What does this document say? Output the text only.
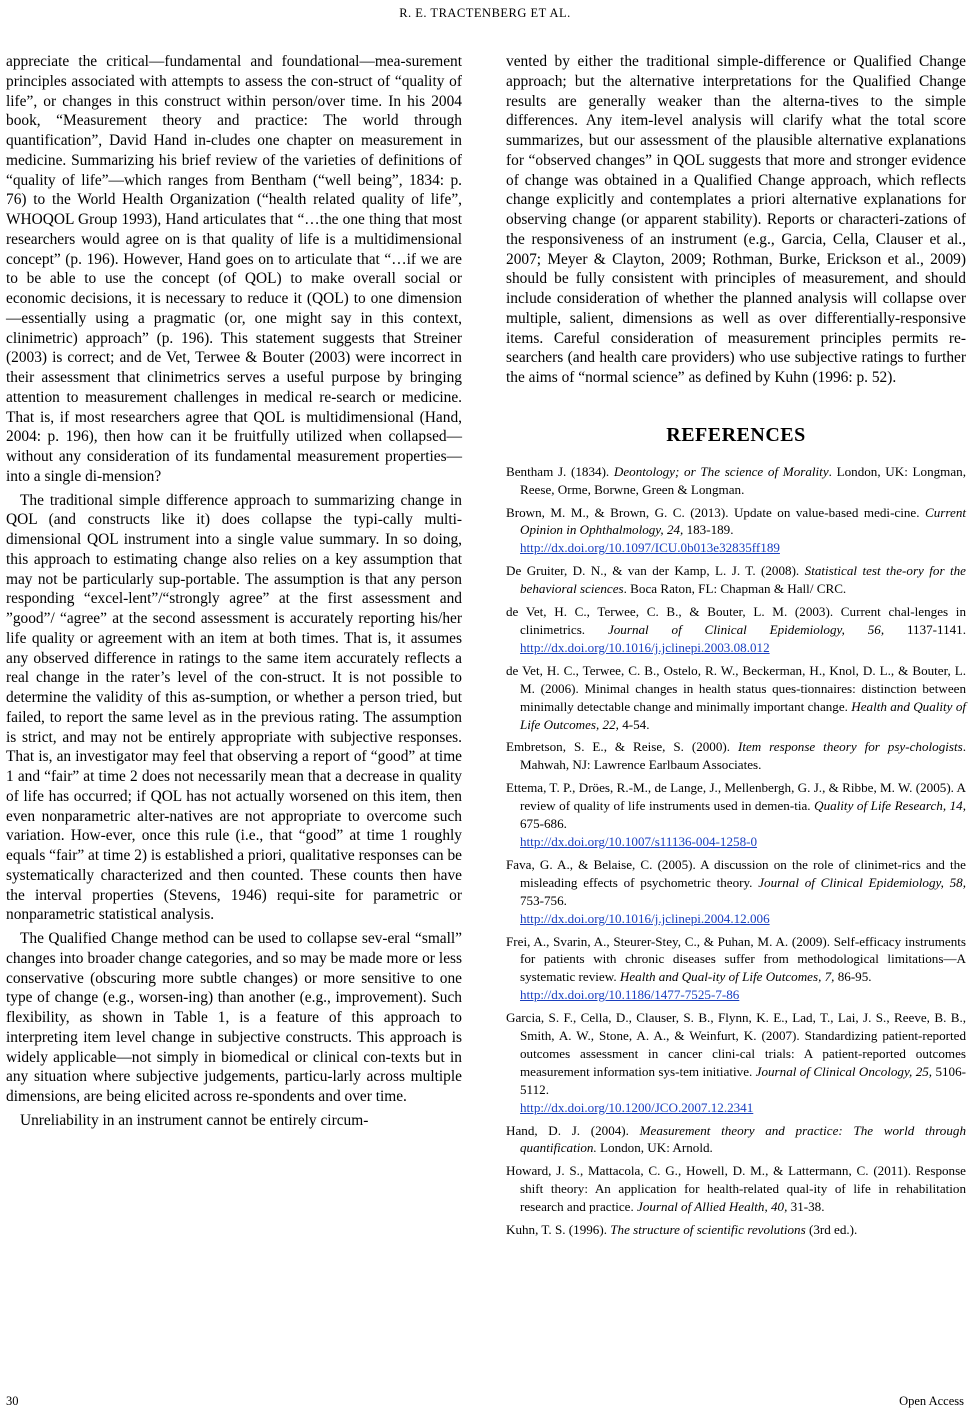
R. E. TRACTENBERG ET AL.

appreciate the critical—fundamental and foundational—mea-surement principles associated with attempts to assess the con-struct of “quality of life”, or changes in this construct within person/over time. In his 2004 book, “Measurement theory and practice: The world through quantification”, David Hand in-cludes one chapter on measurement in medicine. Summarizing his brief review of the varieties of definitions of “quality of life”—which ranges from Bentham (“well being”, 1834: p. 76) to the World Health Organization (“health related quality of life”, WHOQOL Group 1993), Hand articulates that “…the one thing that most researchers would agree on is that quality of life is a multidimensional concept” (p. 196). However, Hand goes on to articulate that “…if we are to be able to use the concept (of QOL) to make overall social or economic decisions, it is necessary to reduce it (QOL) to one dimension—essentially using a pragmatic (or, one might say in this context, clinimetric) approach” (p. 196). This statement suggests that Streiner (2003) is correct; and de Vet, Terwee & Bouter (2003) were incorrect in their assessment that clinimetrics serves a useful purpose by bringing attention to measurement challenges in medical re-search or medicine. That is, if most researchers agree that QOL is multidimensional (Hand, 2004: p. 196), then how can it be fruitfully utilized when collapsed—without any consideration of its fundamental measurement properties—into a single di-mension?

The traditional simple difference approach to summarizing change in QOL (and constructs like it) does collapse the typi-cally multi-dimensional QOL instrument into a single value summary. In so doing, this approach to estimating change also relies on a key assumption that may not be particularly sup-portable. The assumption is that any person responding “excel-lent”/“strongly agree” at the first assessment and ”good”/ “agree” at the second assessment is accurately reporting his/her life quality or agreement with an item at both times. That is, it assumes any observed difference in ratings to the same item accurately reflects a real change in the rater’s level of the con-struct. It is not possible to determine the validity of this as-sumption, or whether a person tried, but failed, to report the same level as in the previous rating. The assumption is strict, and may not be entirely appropriate with subjective responses. That is, an investigator may feel that observing a report of “good” at time 1 and “fair” at time 2 does not necessarily mean that a decrease in quality of life has occurred; if QOL has not actually worsened on this item, then even nonparametric alter-natives are not appropriate to overcome such variation. How-ever, once this rule (i.e., that “good” at time 1 roughly equals “fair” at time 2) is established a priori, qualitative responses can be systematically characterized and then counted. These counts then have the interval properties (Stevens, 1946) requi-site for parametric or nonparametric statistical analysis.

The Qualified Change method can be used to collapse sev-eral “small” changes into broader change categories, and so may be made more or less conservative (obscuring more subtle changes) or more sensitive to one type of change (e.g., worsen-ing) than another (e.g., improvement). Such flexibility, as shown in Table 1, is a feature of this approach to interpreting item level change in subjective constructs. This approach is widely applicable—not simply in biomedical or clinical con-texts but in any situation where subjective judgements, particu-larly across multiple dimensions, are being elicited across re-spondents and over time.

Unreliability in an instrument cannot be entirely circum-

vented by either the traditional simple-difference or Qualified Change approach; but the alternative interpretations for the Qualified Change results are generally weaker than the alterna-tives to the simple differences. Any item-level analysis will clarify what the total score summarizes, but our assessment of the plausible alternative explanations for “observed changes” in QOL suggests that more and stronger evidence of change was obtained in a Qualified Change approach, which reflects change explicitly and contemplates a priori alternative explanations for observing change (or apparent stability). Reports or characteri-zations of the responsiveness of an instrument (e.g., Garcia, Cella, Clauser et al., 2007; Meyer & Clayton, 2009; Rothman, Burke, Erickson et al., 2009) should be fully consistent with principles of measurement, and should include consideration of whether the planned analysis will collapse over multiple, salient, dimensions as well as over differentially-responsive items. Careful consideration of measurement principles permits re-searchers (and health care providers) who use subjective ratings to further the aims of “normal science” as defined by Kuhn (1996: p. 52).

REFERENCES

Bentham J. (1834). Deontology; or The science of Morality. London, UK: Longman, Reese, Orme, Borwne, Green & Longman.

Brown, M. M., & Brown, G. C. (2013). Update on value-based medi-cine. Current Opinion in Ophthalmology, 24, 183-189.
http://dx.doi.org/10.1097/ICU.0b013e32835ff189

De Gruiter, D. N., & van der Kamp, L. J. T. (2008). Statistical test the-ory for the behavioral sciences. Boca Raton, FL: Chapman & Hall/ CRC.

de Vet, H. C., Terwee, C. B., & Bouter, L. M. (2003). Current chal-lenges in clinimetrics. Journal of Clinical Epidemiology, 56, 1137-1141. http://dx.doi.org/10.1016/j.jclinepi.2003.08.012

de Vet, H. C., Terwee, C. B., Ostelo, R. W., Beckerman, H., Knol, D. L., & Bouter, L. M. (2006). Minimal changes in health status ques-tionnaires: distinction between minimally detectable change and minimally important change. Health and Quality of Life Outcomes, 22, 4-54.

Embretson, S. E., & Reise, S. (2000). Item response theory for psy-chologists. Mahwah, NJ: Lawrence Earlbaum Associates.

Ettema, T. P., Dröes, R.-M., de Lange, J., Mellenbergh, G. J., & Ribbe, M. W. (2005). A review of quality of life instruments used in demen-tia. Quality of Life Research, 14, 675-686.
http://dx.doi.org/10.1007/s11136-004-1258-0

Fava, G. A., & Belaise, C. (2005). A discussion on the role of clinimet-rics and the misleading effects of psychometric theory. Journal of Clinical Epidemiology, 58, 753-756.
http://dx.doi.org/10.1016/j.jclinepi.2004.12.006

Frei, A., Svarin, A., Steurer-Stey, C., & Puhan, M. A. (2009). Self-efficacy instruments for patients with chronic diseases suffer from methodological limitations—A systematic review. Health and Qual-ity of Life Outcomes, 7, 86-95.
http://dx.doi.org/10.1186/1477-7525-7-86

Garcia, S. F., Cella, D., Clauser, S. B., Flynn, K. E., Lad, T., Lai, J. S., Reeve, B. B., Smith, A. W., Stone, A. A., & Weinfurt, K. (2007). Standardizing patient-reported outcomes assessment in cancer clini-cal trials: A patient-reported outcomes measurement information sys-tem initiative. Journal of Clinical Oncology, 25, 5106-5112.
http://dx.doi.org/10.1200/JCO.2007.12.2341

Hand, D. J. (2004). Measurement theory and practice: The world through quantification. London, UK: Arnold.

Howard, J. S., Mattacola, C. G., Howell, D. M., & Lattermann, C. (2011). Response shift theory: An application for health-related qual-ity of life in rehabilitation research and practice. Journal of Allied Health, 40, 31-38.

Kuhn, T. S. (1996). The structure of scientific revolutions (3rd ed.).

30	Open Access
